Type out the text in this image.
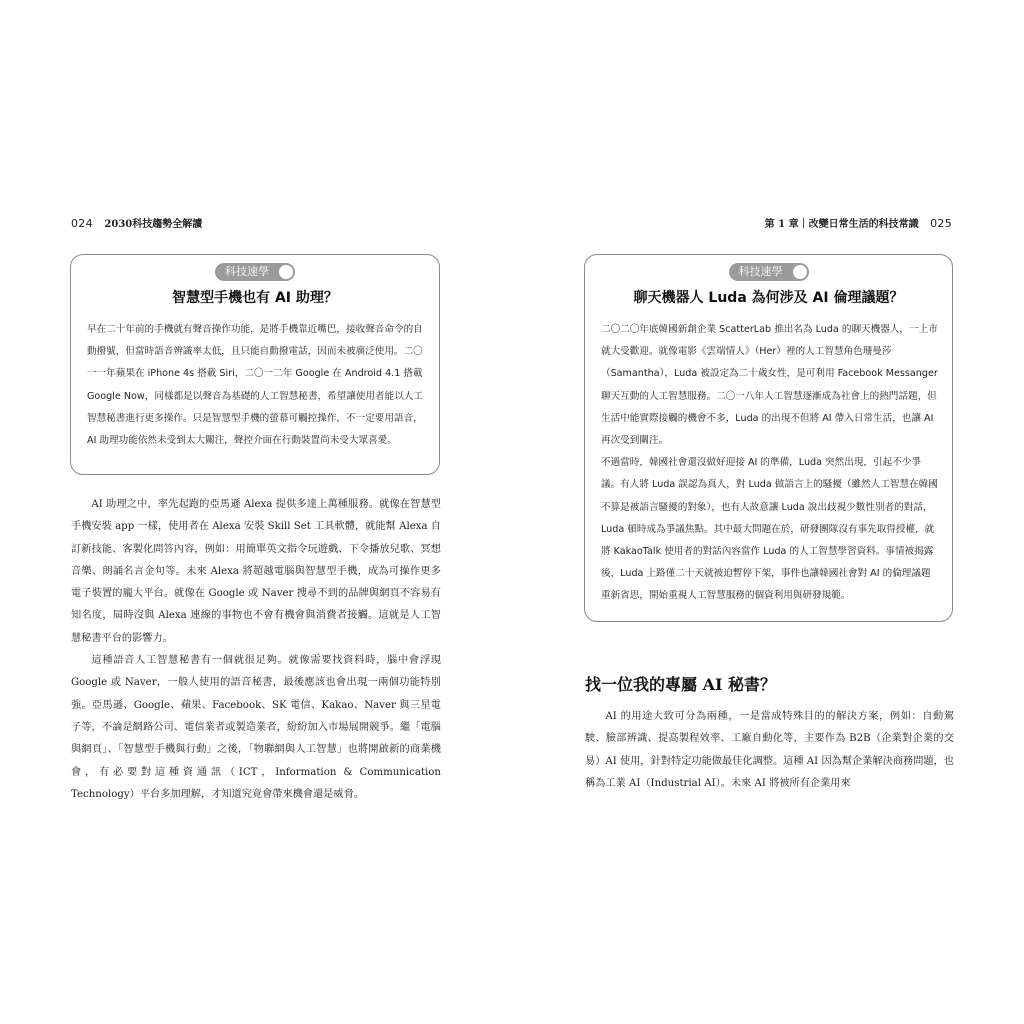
024 2030科技趨勢全解讀	第 1 章｜改變日常生活的科技常識 025
科技速學
智慧型手機也有 AI 助理？

早在二十年前的手機就有聲音操作功能，是將手機靠近嘴巴，接收聲音命令的自動撥號，但當時語音辨識率太低，且只能自動撥電話，因而未被廣泛使用。二〇一一年蘋果在 iPhone 4s 搭載 Siri，二〇一二年 Google 在 Android 4.1 搭載 Google Now，同樣都是以聲音為基礎的人工智慧秘書，希望讓使用者能以人工智慧秘書進行更多操作。只是智慧型手機的螢幕可觸控操作，不一定要用語音，AI 助理功能依然未受到太大關注，聲控介面在行動裝置尚未受大眾喜愛。

AI 助理之中，率先起跑的亞馬遜 Alexa 提供多達上萬種服務。就像在智慧型手機安裝 app 一樣，使用者在 Alexa 安裝 Skill Set 工具軟體，就能幫 Alexa 自訂新技能、客製化問答內容，例如：用簡單英文指令玩遊戲、下令播放兒歌、冥想音樂、朗誦名言金句等。未來 Alexa 將超越電腦與智慧型手機，成為可操作更多電子裝置的龐大平台。就像在 Google 或 Naver 搜尋不到的品牌與網頁不容易有知名度，屆時沒與 Alexa 連線的事物也不會有機會與消費者接觸。這就是人工智慧秘書平台的影響力。

這種語音人工智慧秘書有一個就很足夠。就像需要找資料時，腦中會浮現 Google 或 Naver，一般人使用的語音秘書，最後應該也會出現一兩個功能特別強。亞馬遜、Google、蘋果、Facebook、SK 電信、Kakao、Naver 與三星電子等，不論是網路公司、電信業者或製造業者，紛紛加入市場展開競爭。繼「電腦與網頁」、「智慧型手機與行動」之後，「物聯網與人工智慧」也將開啟新的商業機會，有必要對這種資通訊（ICT，Information & Communication Technology）平台多加理解，才知道究竟會帶來機會還是威脅。

科技速學
聊天機器人 Luda 為何涉及 AI 倫理議題？

二〇二〇年底韓國新創企業 ScatterLab 推出名為 Luda 的聊天機器人，一上市就大受歡迎。就像電影《雲端情人》（Her）裡的人工智慧角色珊曼莎（Samantha），Luda 被設定為二十歲女性，是可利用 Facebook Messanger 聊天互動的人工智慧服務。二〇一八年人工智慧逐漸成為社會上的熱門話題，但生活中能實際接觸的機會不多，Luda 的出現不但將 AI 帶入日常生活，也讓 AI 再次受到關注。

不過當時，韓國社會還沒做好迎接 AI 的準備，Luda 突然出現，引起不少爭議。有人將 Luda 誤認為真人，對 Luda 做語言上的騷擾（雖然人工智慧在韓國不算是被語言騷擾的對象），也有人故意讓 Luda 說出歧視少數性別者的對話，Luda 頓時成為爭議焦點。其中最大問題在於，研發團隊沒有事先取得授權，就將 KakaoTalk 使用者的對話內容當作 Luda 的人工智慧學習資料。事情被揭露後，Luda 上路僅二十天就被迫暫停下架，事件也讓韓國社會對 AI 的倫理議題重新省思，開始重視人工智慧服務的個資利用與研發規範。

找一位我的專屬 AI 秘書？

AI 的用途大致可分為兩種，一是當成特殊目的的解決方案，例如：自動駕駛、臉部辨識、提高製程效率、工廠自動化等，主要作為 B2B（企業對企業的交易）AI 使用，針對特定功能做最佳化調整。這種 AI 因為幫企業解決商務問題，也稱為工業 AI（Industrial AI）。未來 AI 將被所有企業用來
